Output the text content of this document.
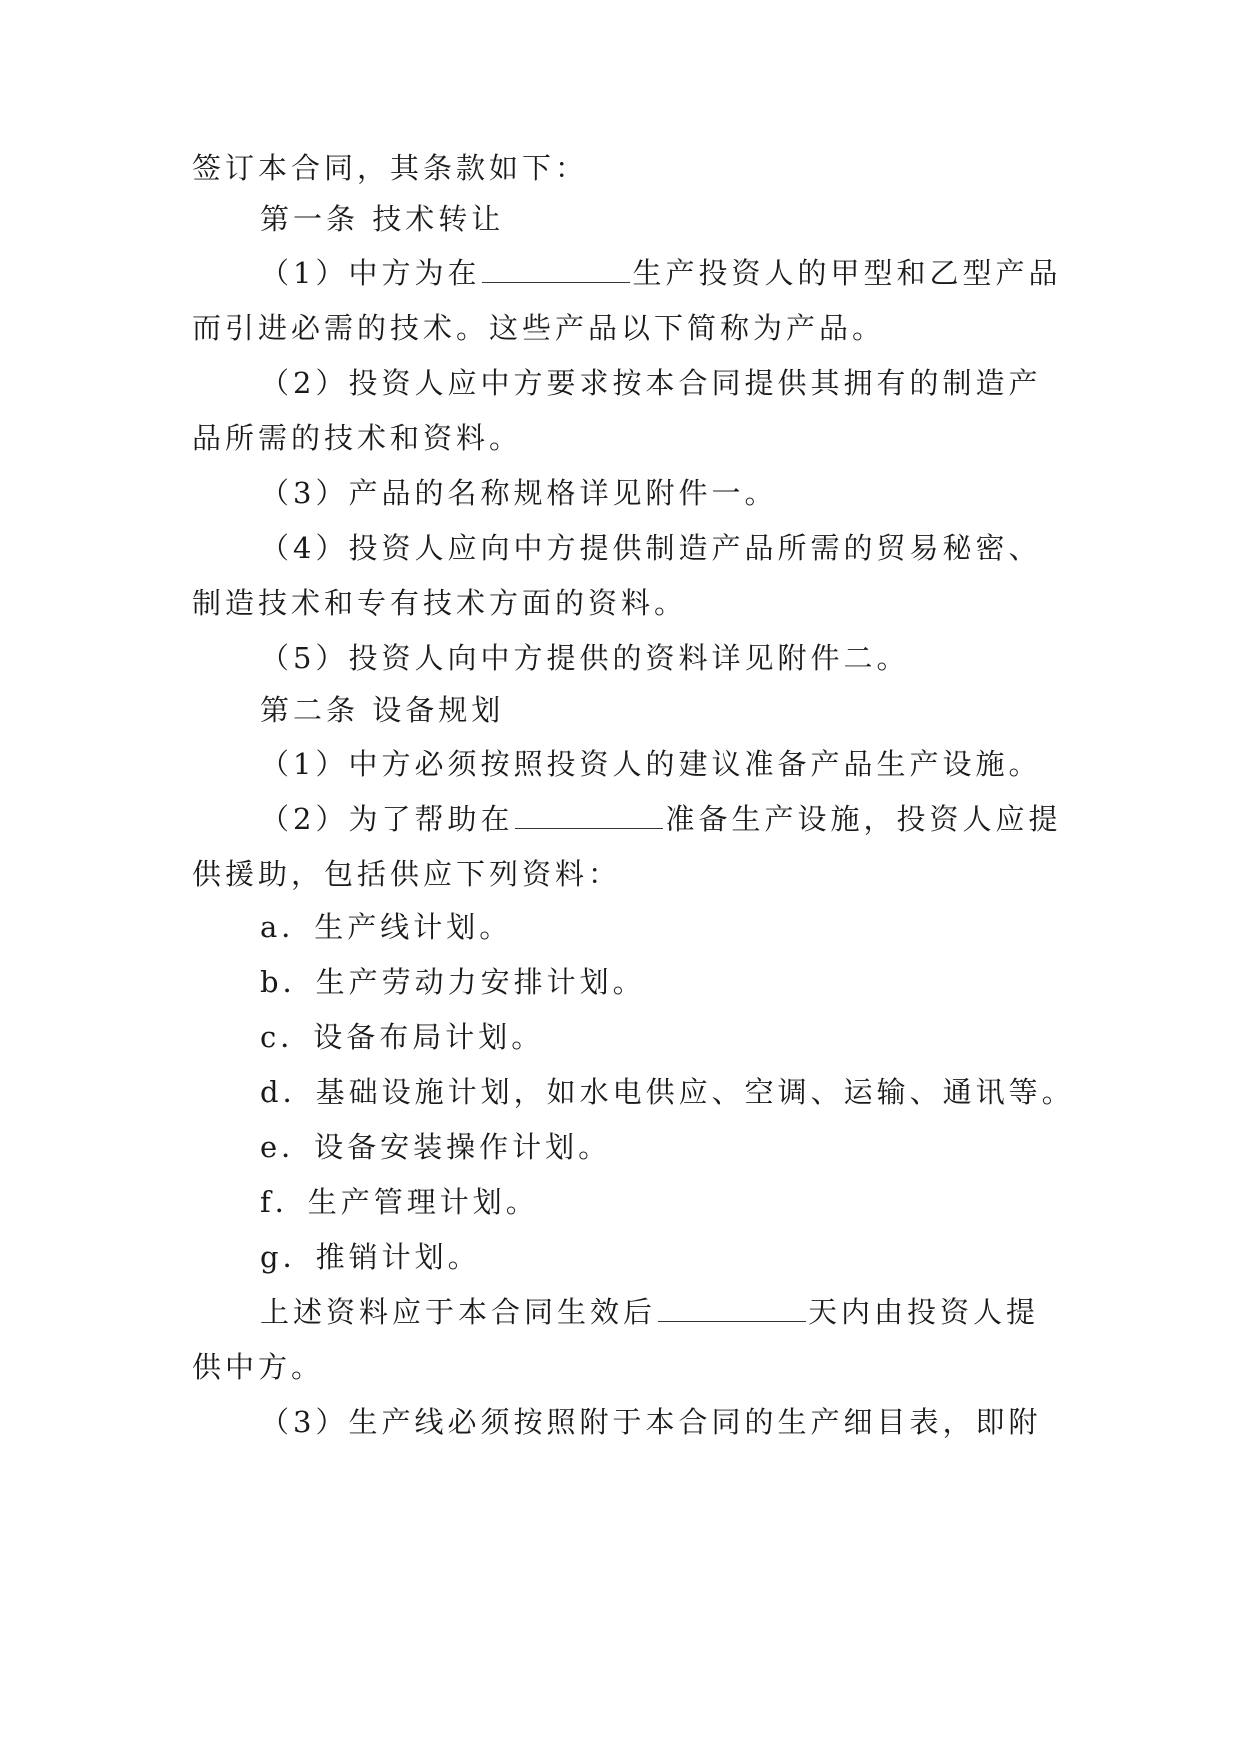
签订本合同，其条款如下：
第一条 技术转让
（1）中方为在	生产投资人的甲型和乙型产品
而引进必需的技术。这些产品以下简称为产品。
（2）投资人应中方要求按本合同提供其拥有的制造产
品所需的技术和资料。
（3）产品的名称规格详见附件一。
（4）投资人应向中方提供制造产品所需的贸易秘密、
制造技术和专有技术方面的资料。
（5）投资人向中方提供的资料详见附件二。
第二条 设备规划
（1）中方必须按照投资人的建议准备产品生产设施。
（2）为了帮助在	准备生产设施，投资人应提
供援助，包括供应下列资料：
a．生产线计划。
b．生产劳动力安排计划。
c．设备布局计划。
d．基础设施计划，如水电供应、空调、运输、通讯等。
e．设备安装操作计划。
f．生产管理计划。
g．推销计划。
上述资料应于本合同生效后	天内由投资人提
供中方。
（3）生产线必须按照附于本合同的生产细目表，即附
